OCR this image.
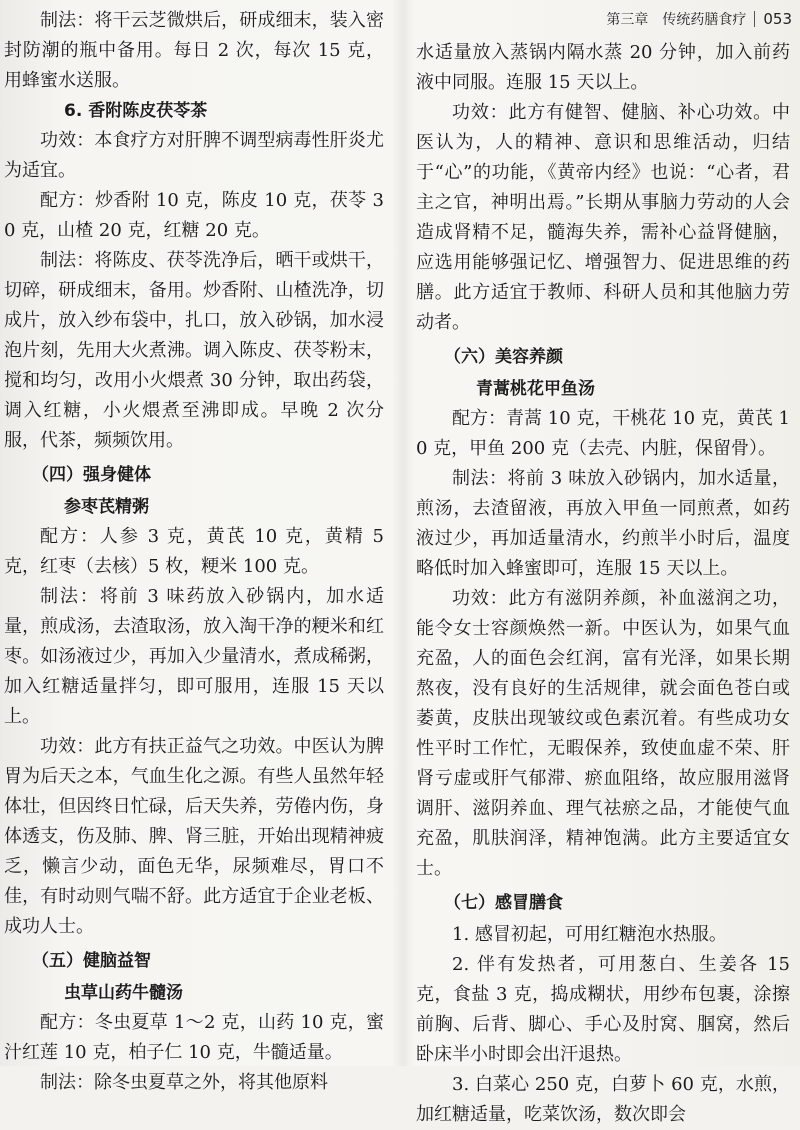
第三章　传统药膳食疗 053

制法：将干云芝微烘后，研成细末，装入密封防潮的瓶中备用。每日 2 次，每次 15 克，用蜂蜜水送服。

6. 香附陈皮茯苓茶

功效：本食疗方对肝脾不调型病毒性肝炎尤为适宜。

配方：炒香附 10 克，陈皮 10 克，茯苓 30 克，山楂 20 克，红糖 20 克。

制法：将陈皮、茯苓洗净后，晒干或烘干，切碎，研成细末，备用。炒香附、山楂洗净，切成片，放入纱布袋中，扎口，放入砂锅，加水浸泡片刻，先用大火煮沸。调入陈皮、茯苓粉末，搅和均匀，改用小火煨煮 30 分钟，取出药袋，调入红糖，小火煨煮至沸即成。早晚 2 次分服，代茶，频频饮用。

（四）强身健体
参枣芪精粥

配方：人参 3 克，黄芪 10 克，黄精 5 克，红枣（去核）5 枚，粳米 100 克。

制法：将前 3 味药放入砂锅内，加水适量，煎成汤，去渣取汤，放入淘干净的粳米和红枣。如汤液过少，再加入少量清水，煮成稀粥，加入红糖适量拌匀，即可服用，连服 15 天以上。

功效：此方有扶正益气之功效。中医认为脾胃为后天之本，气血生化之源。有些人虽然年轻体壮，但因终日忙碌，后天失养，劳倦内伤，身体透支，伤及肺、脾、肾三脏，开始出现精神疲乏，懒言少动，面色无华，尿频难尽，胃口不佳，有时动则气喘不舒。此方适宜于企业老板、成功人士。

（五）健脑益智
虫草山药牛髓汤

配方：冬虫夏草 1～2 克，山药 10 克，蜜汁红莲 10 克，柏子仁 10 克，牛髓适量。

制法：除冬虫夏草之外，将其他原料

水适量放入蒸锅内隔水蒸 20 分钟，加入前药液中同服。连服 15 天以上。

功效：此方有健智、健脑、补心功效。中医认为，人的精神、意识和思维活动，归结于“心”的功能，《黄帝内经》也说：“心者，君主之官，神明出焉。”长期从事脑力劳动的人会造成肾精不足，髓海失养，需补心益肾健脑，应选用能够强记忆、增强智力、促进思维的药膳。此方适宜于教师、科研人员和其他脑力劳动者。

（六）美容养颜
青蒿桃花甲鱼汤

配方：青蒿 10 克，干桃花 10 克，黄芪 10 克，甲鱼 200 克（去壳、内脏，保留骨）。

制法：将前 3 味放入砂锅内，加水适量，煎汤，去渣留液，再放入甲鱼一同煎煮，如药液过少，再加适量清水，约煎半小时后，温度略低时加入蜂蜜即可，连服 15 天以上。

功效：此方有滋阴养颜，补血滋润之功，能令女士容颜焕然一新。中医认为，如果气血充盈，人的面色会红润，富有光泽，如果长期熬夜，没有良好的生活规律，就会面色苍白或萎黄，皮肤出现皱纹或色素沉着。有些成功女性平时工作忙，无暇保养，致使血虚不荣、肝肾亏虚或肝气郁滞、瘀血阻络，故应服用滋肾调肝、滋阴养血、理气祛瘀之品，才能使气血充盈，肌肤润泽，精神饱满。此方主要适宜女士。

（七）感冒膳食

1. 感冒初起，可用红糖泡水热服。

2. 伴有发热者，可用葱白、生姜各 15 克，食盐 3 克，捣成糊状，用纱布包裹，涂擦前胸、后背、脚心、手心及肘窝、腘窝，然后卧床半小时即会出汗退热。

3. 白菜心 250 克，白萝卜 60 克，水煎，加红糖适量，吃菜饮汤，数次即会
